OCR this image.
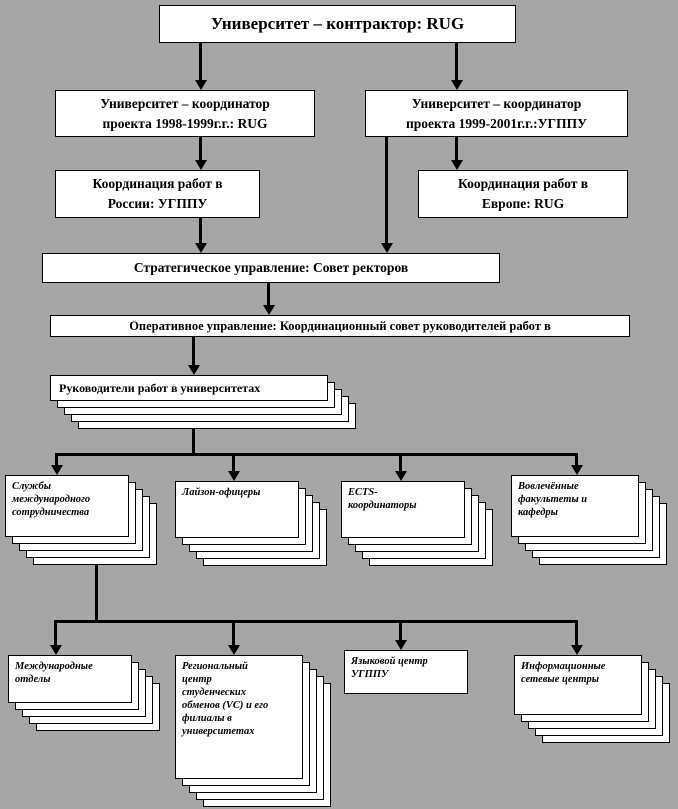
Университет – контрактор: RUG
Университет – координатор
проекта 1998-1999г.г.: RUG
Университет – координатор
проекта 1999-2001г.г.:УГППУ
Координация работ в
России: УГППУ
Координация работ в
Европе: RUG
Стратегическое управление: Совет ректоров
Оперативное управление: Координационный совет руководителей работ в
Руководители работ в университетах
Службы
международного
сотрудничества
Лайзон-офицеры	ECTS-
координаторы
Вовлечённые
факультеты и
кафедры
Международные
отделы
Региональный
центр
студенческих
обменов (VC) и его
филиалы в
университетах
Языковой центр
УГППУ
Информационные
сетевые центры
